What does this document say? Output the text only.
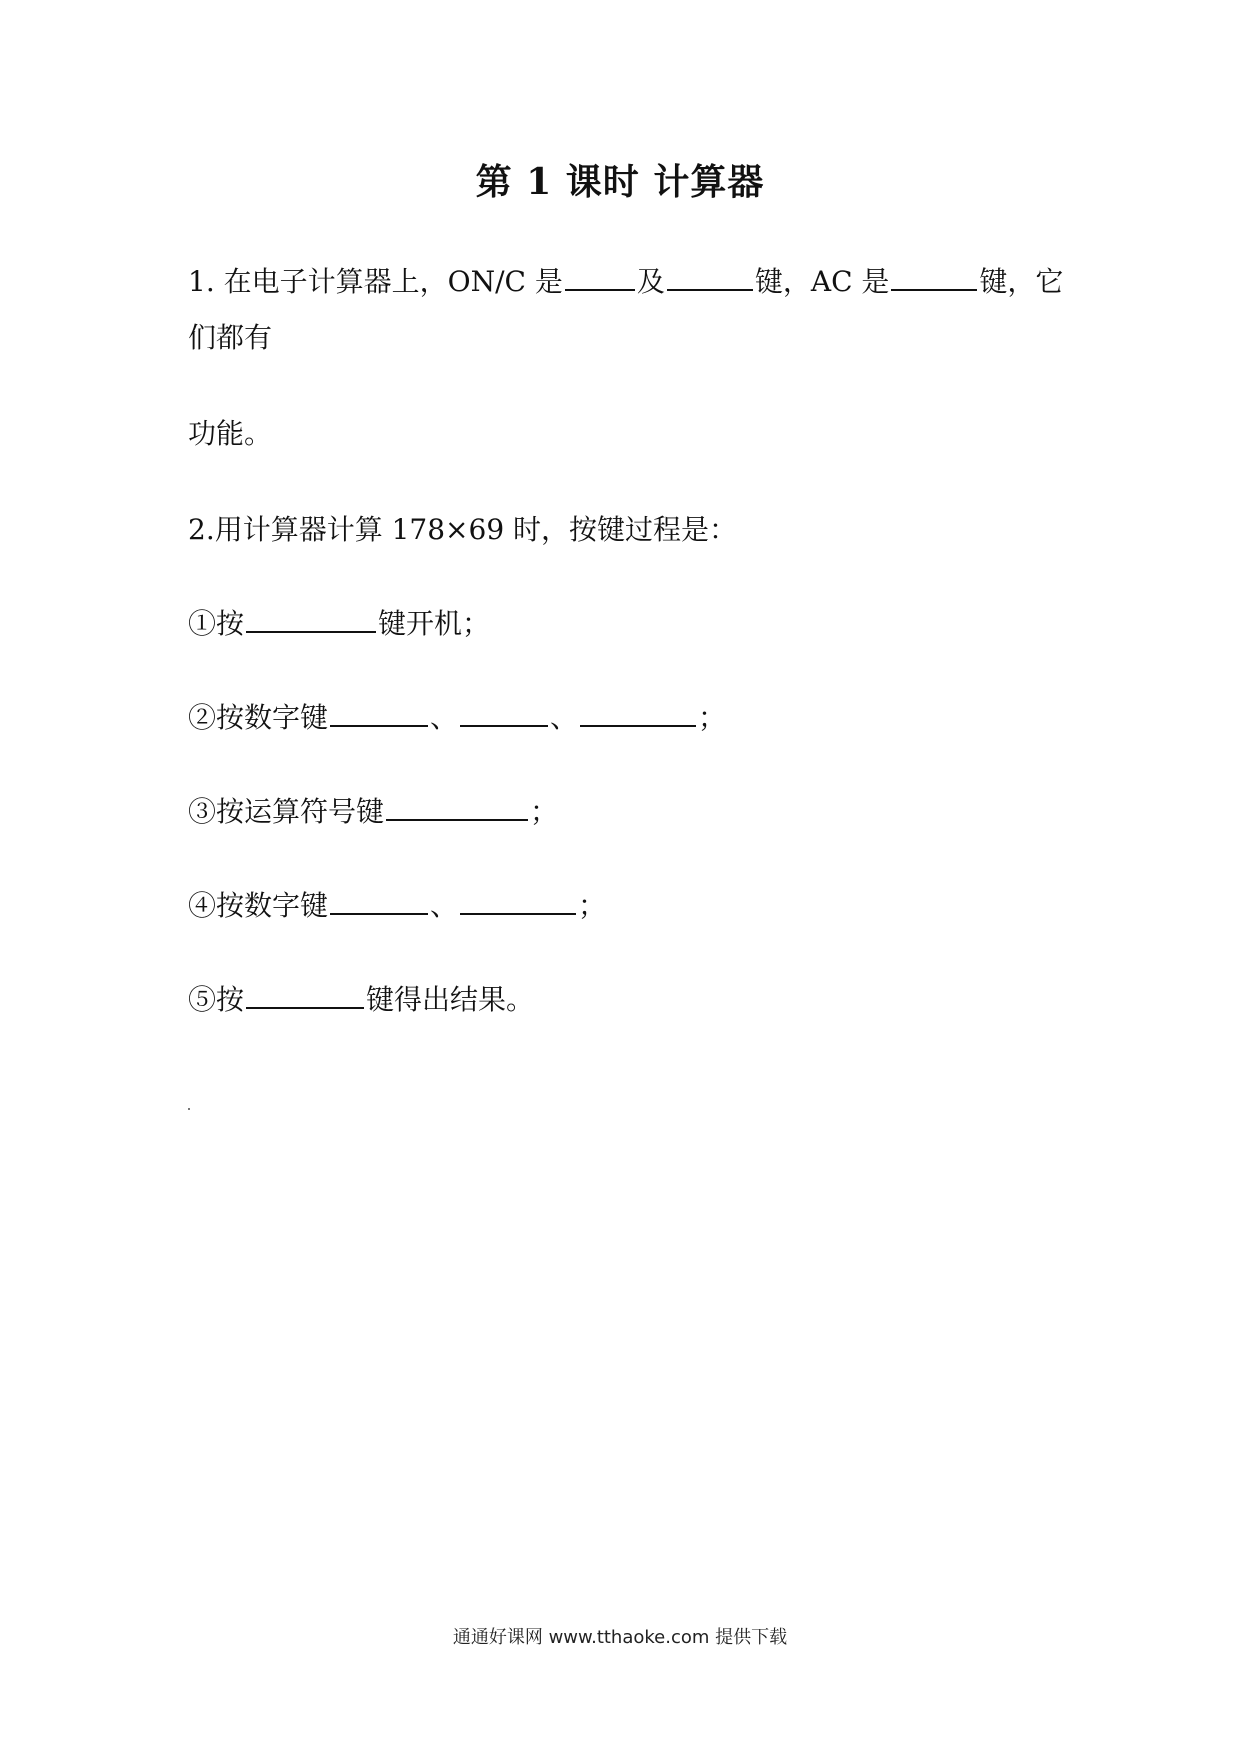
第 1 课时 计算器
1. 在电子计算器上，ON/C 是	及	键，AC 是	键，它
们都有
功能。
2.用计算器计算 178×69 时，按键过程是：
①按	键开机；
②按数字键	、	、	；
③按运算符号键	；
④按数字键	、	；
⑤按	键得出结果。
通通好课网 www.tthaoke.com 提供下载
